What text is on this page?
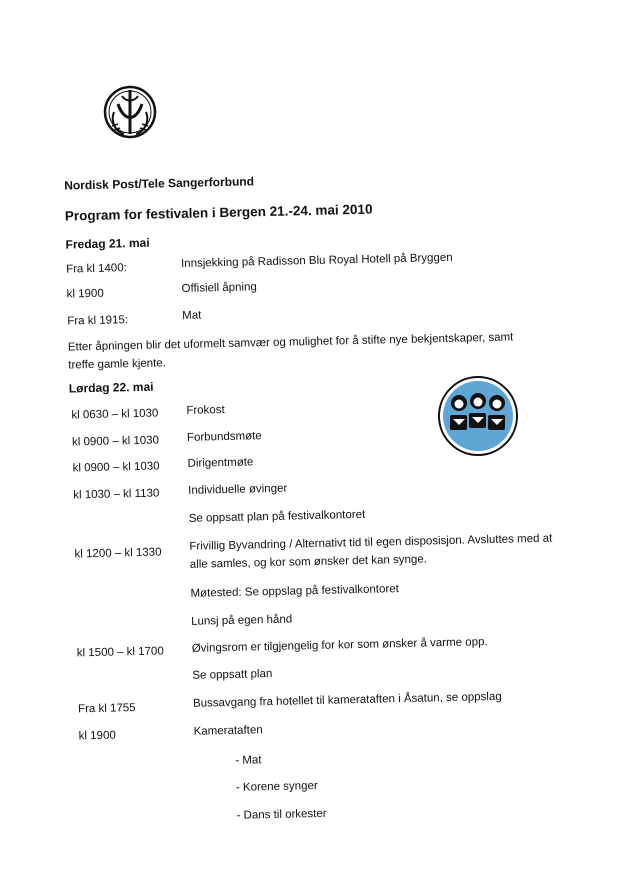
Nordisk Post/Tele Sangerforbund
Program for festivalen i Bergen 21.-24. mai 2010
Fredag 21. mai
Fra kl 1400:	Innsjekking på Radisson Blu Royal Hotell på Bryggen
kl 1900	Offisiell åpning
Fra kl 1915:	Mat
Etter åpningen blir det uformelt samvær og mulighet for å stifte nye bekjentskaper, samt treffe gamle kjente.
Lørdag 22. mai
kl 0630 – kl 1030 Frokost
kl 0900 – kl 1030 Forbundsmøte
kl 0900 – kl 1030 Dirigentmøte
kl 1030 – kl 1130 Individuelle øvinger
Se oppsatt plan på festivalkontoret
kl 1200 – kl 1330
Frivillig Byvandring / Alternativt tid til egen disposisjon. Avsluttes med at
alle samles, og kor som ønsker det kan synge.
Møtested: Se oppslag på festivalkontoret
Lunsj på egen hånd
kl 1500 – kl 1700 Øvingsrom er tilgjengelig for kor som ønsker å varme opp.
Se oppsatt plan
Fra kl 1755	Bussavgang fra hotellet til kamerataften i Åsatun, se oppslag
kl 1900	Kamerataften
- Mat
- Korene synger
- Dans til orkester
